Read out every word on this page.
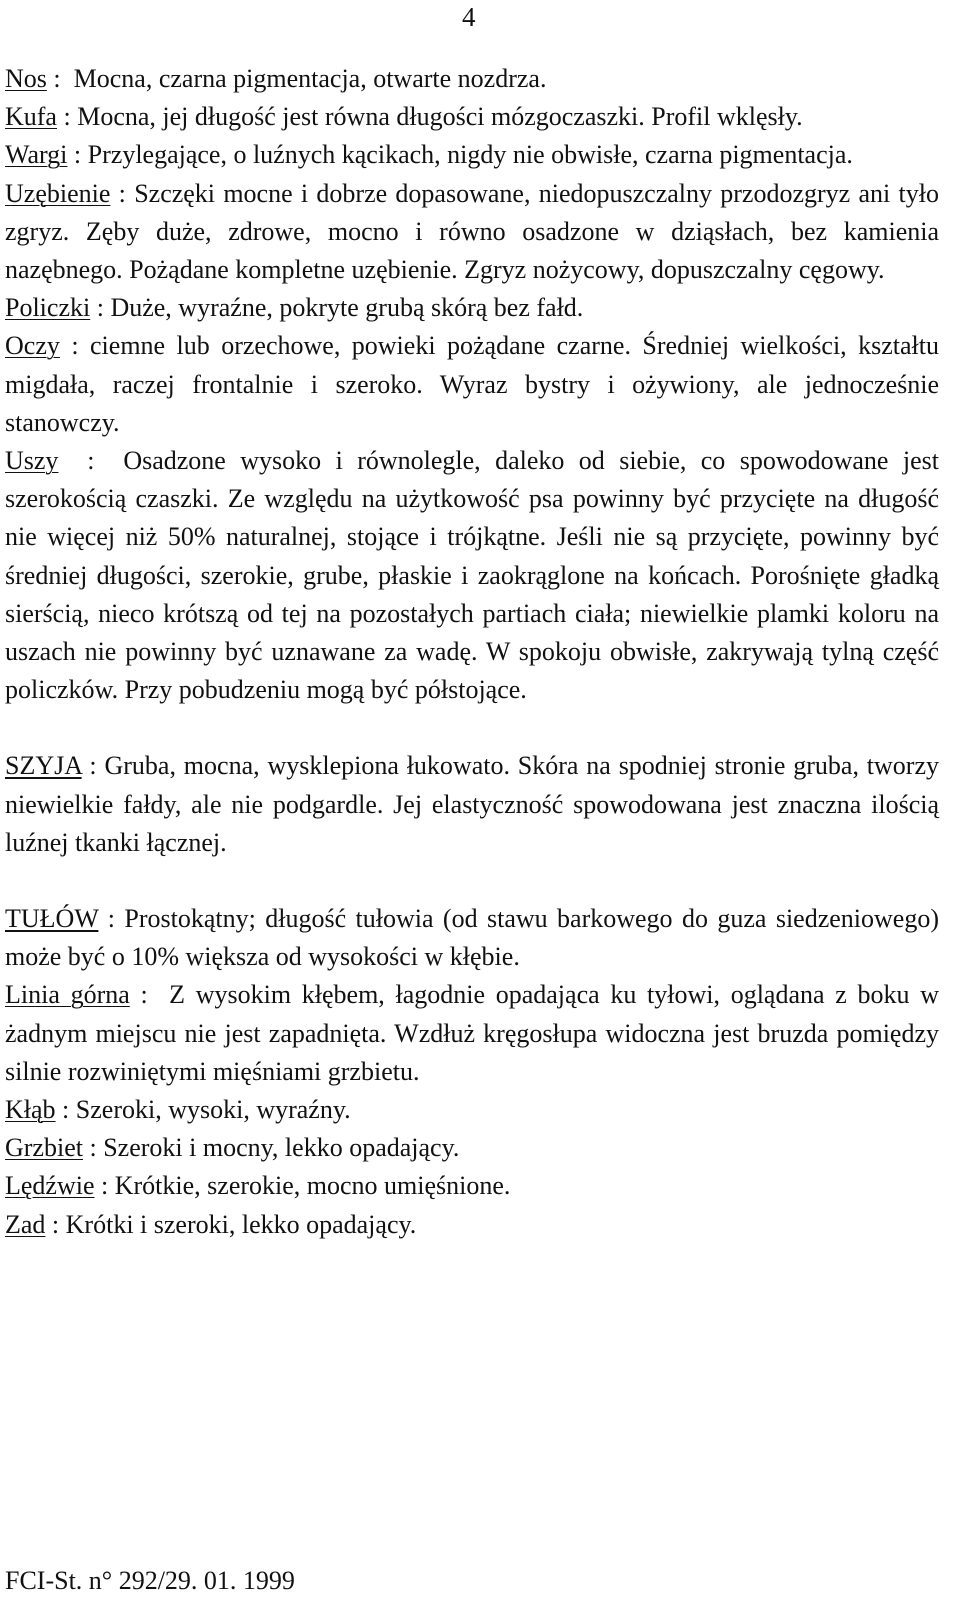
4

Nos :  Mocna, czarna pigmentacja, otwarte nozdrza.

Kufa : Mocna, jej długość jest równa długości mózgoczaszki. Profil wklęsły.

Wargi : Przylegające, o luźnych kącikach, nigdy nie obwisłe, czarna pigmentacja.

Uzębienie : Szczęki mocne i dobrze dopasowane, niedopuszczalny przodozgryz ani tyło zgryz. Zęby duże, zdrowe, mocno i równo osadzone w dziąsłach, bez kamienia nazębnego. Pożądane kompletne uzębienie. Zgryz nożycowy, dopuszczalny cęgowy.

Policzki : Duże, wyraźne, pokryte grubą skórą bez fałd.

Oczy : ciemne lub orzechowe, powieki pożądane czarne. Średniej wielkości, kształtu migdała, raczej frontalnie i szeroko. Wyraz bystry i ożywiony, ale jednocześnie stanowczy.

Uszy  :  Osadzone wysoko i równolegle, daleko od siebie, co spowodowane jest szerokością czaszki. Ze względu na użytkowość psa powinny być przycięte na długość nie więcej niż 50% naturalnej, stojące i trójkątne. Jeśli nie są przycięte, powinny być średniej długości, szerokie, grube, płaskie i zaokrąglone na końcach. Porośnięte gładką sierścią, nieco krótszą od tej na pozostałych partiach ciała; niewielkie plamki koloru na uszach nie powinny być uznawane za wadę. W spokoju obwisłe, zakrywają tylną część policzków. Przy pobudzeniu mogą być półstojące.

SZYJA : Gruba, mocna, wysklepiona łukowato. Skóra na spodniej stronie gruba, tworzy niewielkie fałdy, ale nie podgardle. Jej elastyczność spowodowana jest znaczna ilością luźnej tkanki łącznej.

TUŁÓW : Prostokątny; długość tułowia (od stawu barkowego do guza siedzeniowego) może być o 10% większa od wysokości w kłębie.

Linia górna :  Z wysokim kłębem, łagodnie opadająca ku tyłowi, oglądana z boku w żadnym miejscu nie jest zapadnięta. Wzdłuż kręgosłupa widoczna jest bruzda pomiędzy silnie rozwiniętymi mięśniami grzbietu.

Kłąb : Szeroki, wysoki, wyraźny.

Grzbiet : Szeroki i mocny, lekko opadający.

Lędźwie : Krótkie, szerokie, mocno umięśnione.

Zad : Krótki i szeroki, lekko opadający.

FCI-St. n° 292/29. 01. 1999
